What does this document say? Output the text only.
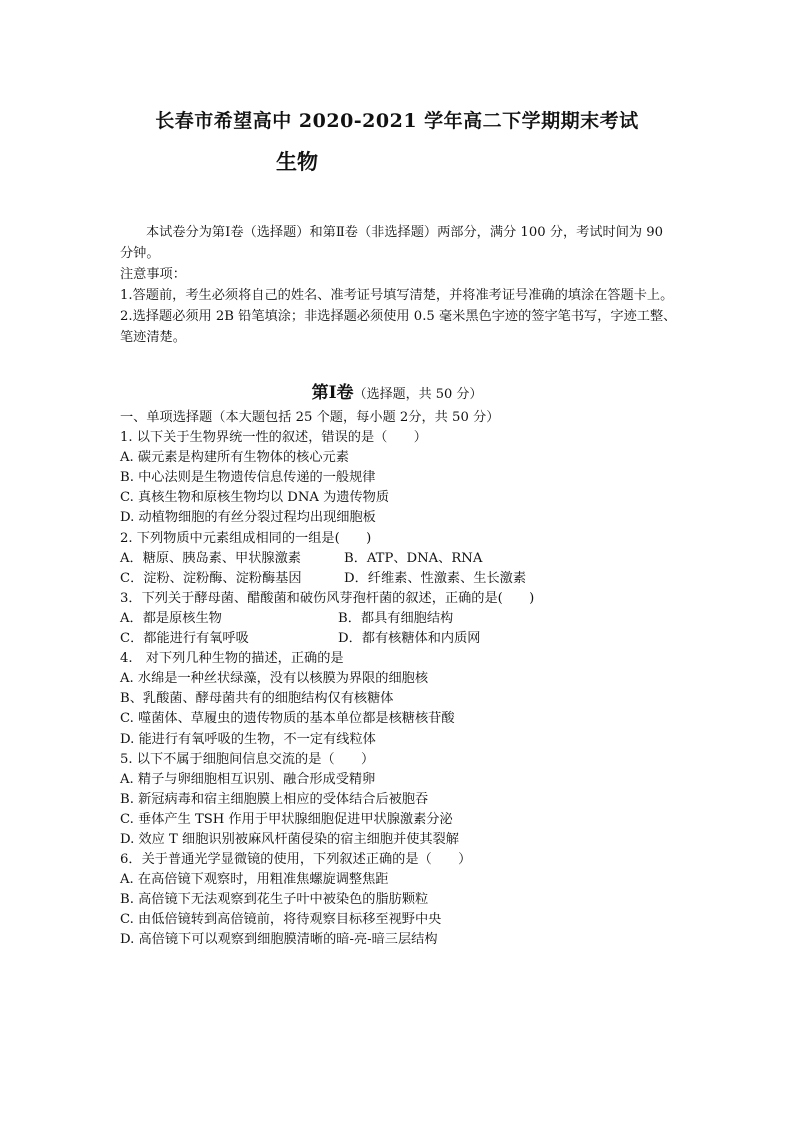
长春市希望高中 2020-2021 学年高二下学期期末考试
生物

本试卷分为第Ⅰ卷（选择题）和第Ⅱ卷（非选择题）两部分，满分 100 分，考试时间为 90 分钟。

注意事项：

1.答题前，考生必须将自己的姓名、准考证号填写清楚，并将准考证号准确的填涂在答题卡上。

2.选择题必须用 2B 铅笔填涂；非选择题必须使用 0.5 毫米黑色字迹的签字笔书写，字迹工整、笔迹清楚。

第Ⅰ卷（选择题，共 50 分）
一、单项选择题（本大题包括 25 个题，每小题 2分，共 50 分）
1. 以下关于生物界统一性的叙述，错误的是（　　）
A. 碳元素是构建所有生物体的核心元素
B. 中心法则是生物遗传信息传递的一般规律
C. 真核生物和原核生物均以 DNA 为遗传物质
D. 动植物细胞的有丝分裂过程均出现细胞板
2. 下列物质中元素组成相同的一组是(　　)
A．糖原、胰岛素、甲状腺激素	B．ATP、DNA、RNA
C．淀粉、淀粉酶、淀粉酶基因	D．纤维素、性激素、生长激素
3．下列关于酵母菌、醋酸菌和破伤风芽孢杆菌的叙述，正确的是(　　)
A．都是原核生物	B．都具有细胞结构
C．都能进行有氧呼吸	D．都有核糖体和内质网
4.　对下列几种生物的描述，正确的是
A. 水绵是一种丝状绿藻，没有以核膜为界限的细胞核
B、乳酸菌、酵母菌共有的细胞结构仅有核糖体
C. 噬菌体、草履虫的遗传物质的基本单位都是核糖核苷酸
D. 能进行有氧呼吸的生物，不一定有线粒体
5. 以下不属于细胞间信息交流的是（　　）
A. 精子与卵细胞相互识别、融合形成受精卵
B. 新冠病毒和宿主细胞膜上相应的受体结合后被胞吞
C. 垂体产生 TSH 作用于甲状腺细胞促进甲状腺激素分泌
D. 效应 T 细胞识别被麻风杆菌侵染的宿主细胞并使其裂解
6．关于普通光学显微镜的使用，下列叙述正确的是（　　）
A. 在高倍镜下观察时，用粗准焦螺旋调整焦距
B. 高倍镜下无法观察到花生子叶中被染色的脂肪颗粒
C. 由低倍镜转到高倍镜前，将待观察目标移至视野中央
D. 高倍镜下可以观察到细胞膜清晰的暗-亮-暗三层结构
